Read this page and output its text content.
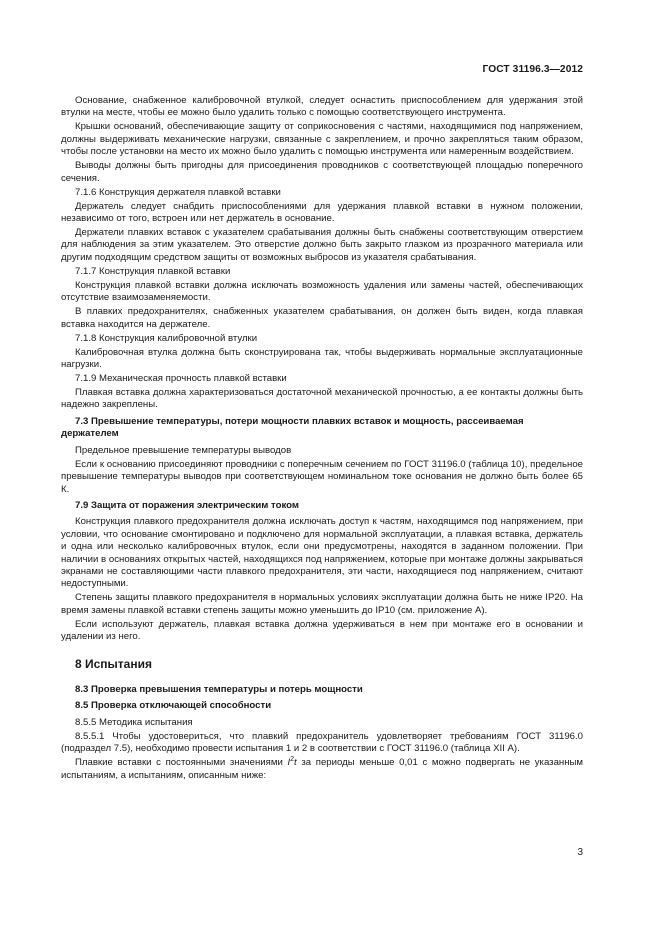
ГОСТ 31196.3—2012

Основание, снабженное калибровочной втулкой, следует оснастить приспособлением для удержания этой втулки на месте, чтобы ее можно было удалить только с помощью соответствующего инструмента.

Крышки оснований, обеспечивающие защиту от соприкосновения с частями, находящимися под напряжением, должны выдерживать механические нагрузки, связанные с закреплением, и прочно закрепляться таким образом, чтобы после установки на место их можно было удалить с помощью инструмента или намеренным воздействием.

Выводы должны быть пригодны для присоединения проводников с соответствующей площадью поперечного сечения.

7.1.6 Конструкция держателя плавкой вставки

Держатель следует снабдить приспособлениями для удержания плавкой вставки в нужном положении, независимо от того, встроен или нет держатель в основание.

Держатели плавких вставок с указателем срабатывания должны быть снабжены соответствующим отверстием для наблюдения за этим указателем. Это отверстие должно быть закрыто глазком из прозрачного материала или другим подходящим средством защиты от возможных выбросов из указателя срабатывания.

7.1.7 Конструкция плавкой вставки

Конструкция плавкой вставки должна исключать возможность удаления или замены частей, обеспечивающих отсутствие взаимозаменяемости.

В плавких предохранителях, снабженных указателем срабатывания, он должен быть виден, когда плавкая вставка находится на держателе.

7.1.8 Конструкция калибровочной втулки

Калибровочная втулка должна быть сконструирована так, чтобы выдерживать нормальные эксплуатационные нагрузки.

7.1.9 Механическая прочность плавкой вставки

Плавкая вставка должна характеризоваться достаточной механической прочностью, а ее контакты должны быть надежно закреплены.

7.3 Превышение температуры, потери мощности плавких вставок и мощность, рассеиваемая держателем

Предельное превышение температуры выводов

Если к основанию присоединяют проводники с поперечным сечением по ГОСТ 31196.0 (таблица 10), предельное превышение температуры выводов при соответствующем номинальном токе основания не должно быть более 65 К.

7.9 Защита от поражения электрическим током

Конструкция плавкого предохранителя должна исключать доступ к частям, находящимся под напряжением, при условии, что основание смонтировано и подключено для нормальной эксплуатации, а плавкая вставка, держатель и одна или несколько калибровочных втулок, если они предусмотрены, находятся в заданном положении. При наличии в основаниях открытых частей, находящихся под напряжением, которые при монтаже должны закрываться экранами не составляющими части плавкого предохранителя, эти части, находящиеся под напряжением, считают недоступными.

Степень защиты плавкого предохранителя в нормальных условиях эксплуатации должна быть не ниже IP20. На время замены плавкой вставки степень защиты можно уменьшить до IP10 (см. приложение А).

Если используют держатель, плавкая вставка должна удерживаться в нем при монтаже его в основании и удалении из него.

8 Испытания

8.3 Проверка превышения температуры и потерь мощности

8.5 Проверка отключающей способности

8.5.5 Методика испытания

8.5.5.1 Чтобы удостовериться, что плавкий предохранитель удовлетворяет требованиям ГОСТ 31196.0 (подраздел 7.5), необходимо провести испытания 1 и 2 в соответствии с ГОСТ 31196.0 (таблица XII А).

Плавкие вставки с постоянными значениями $I^2t$ за периоды меньше 0,01 с можно подвергать не указанным испытаниям, а испытаниям, описанным ниже:

3
